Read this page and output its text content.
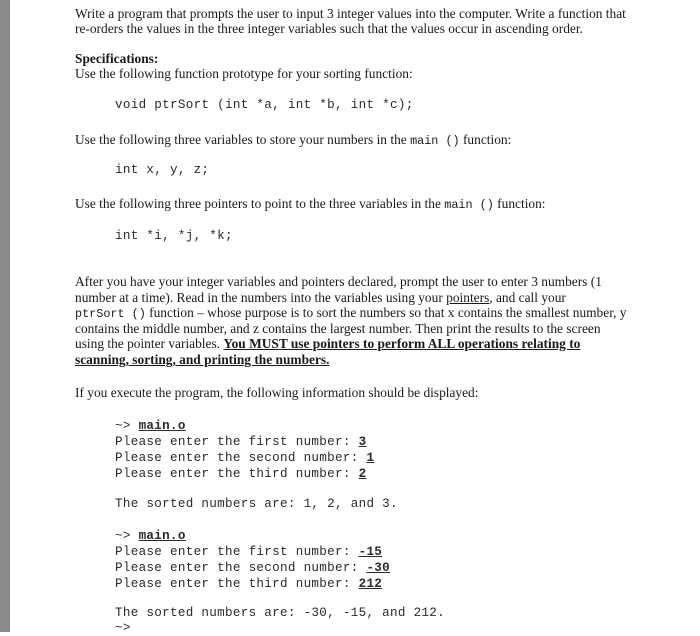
Write a program that prompts the user to input 3 integer values into the computer. Write a function that
re-orders the values in the three integer variables such that the values occur in ascending order.
Specifications:
Use the following function prototype for your sorting function:
void ptrSort (int *a, int *b, int *c);
Use the following three variables to store your numbers in the main () function:
int x, y, z;
Use the following three pointers to point to the three variables in the main () function:
int *i, *j, *k;
After you have your integer variables and pointers declared, prompt the user to enter 3 numbers (1
number at a time). Read in the numbers into the variables using your pointers, and call your
ptrSort () function – whose purpose is to sort the numbers so that x contains the smallest number, y
contains the middle number, and z contains the largest number. Then print the results to the screen
using the pointer variables. You MUST use pointers to perform ALL operations relating to
scanning, sorting, and printing the numbers.
If you execute the program, the following information should be displayed:
~> main.o
Please enter the first number: 3
Please enter the second number: 1
Please enter the third number: 2
The sorted numbers are: 1, 2, and 3.
~> main.o
Please enter the first number: -15
Please enter the second number: -30
Please enter the third number: 212
The sorted numbers are: -30, -15, and 212.
~>
